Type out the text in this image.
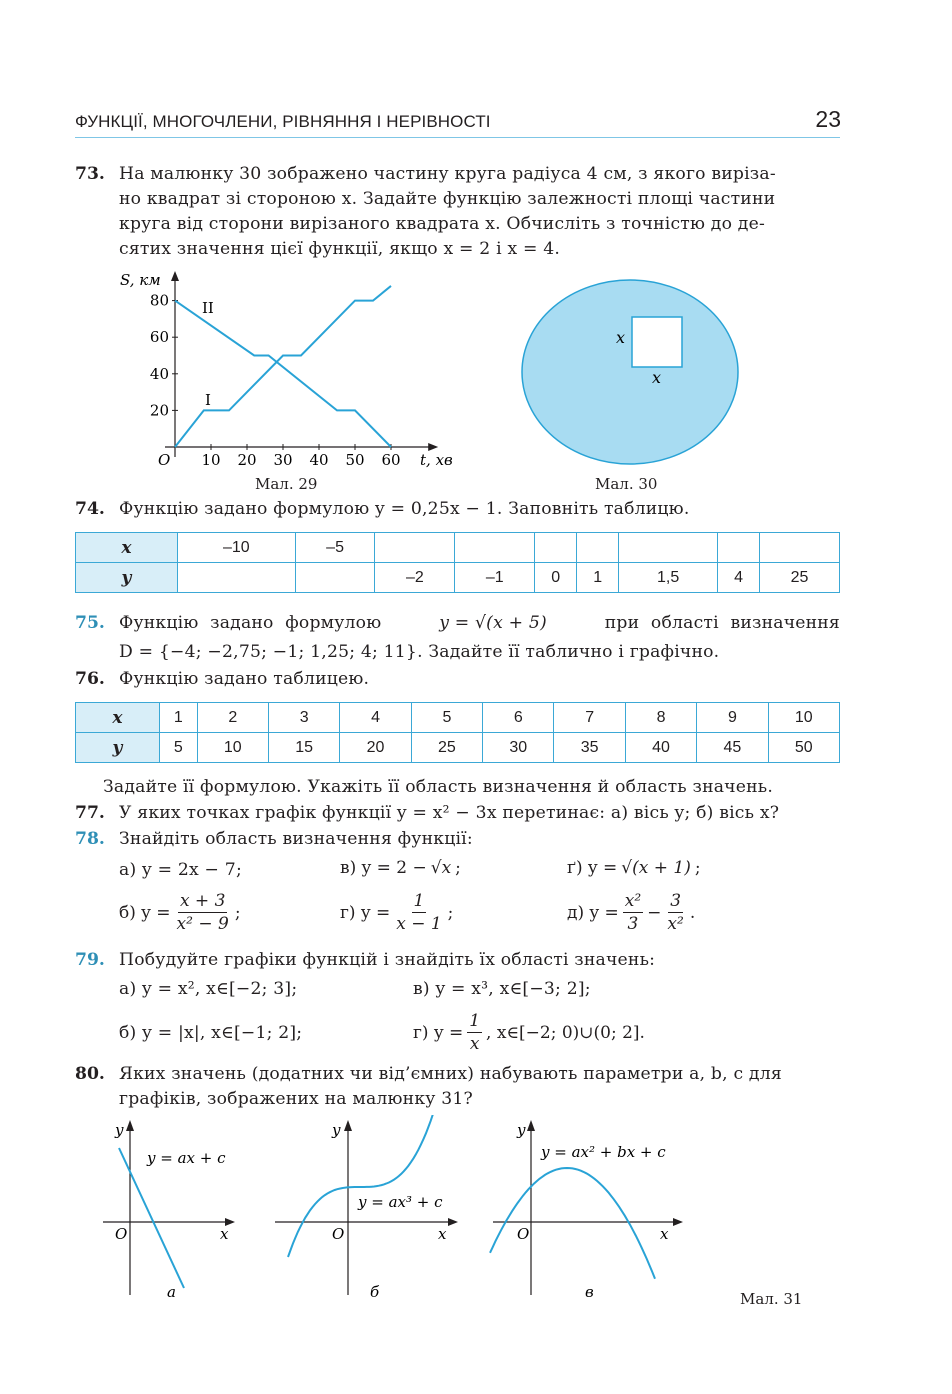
ФУНКЦІЇ, МНОГОЧЛЕНИ, РІВНЯННЯ І НЕРІВНОСТІ	23
73. На малюнку 30 зображено частину круга радіуса 4 см, з якого виріза-
но квадрат зі стороною x. Задайте функцію залежності площі частини
круга від сторони вирізаного квадрата x. Обчисліть з точністю до де-
сятих значення цієї функції, якщо x = 2 і x = 4.
10 20 30 40 50 60
20
40
60
80
S, км
t, хв
O
II
I
Мал. 29
x
x
Мал. 30
74. Функцію задано формулою y = 0,25x − 1. Заповніть таблицю.
x	–10	–5							
y			–2	–1	0	1	1,5	4	25
75. Функцію задано формулою	y = √(x + 5)	при області визначення
D = {−4; −2,75; −1; 1,25; 4; 11}. Задайте її таблично і графічно.
76. Функцію задано таблицею.
x	1	2	3	4	5	6	7	8	9	10
y	5	10	15	20	25	30	35	40	45	50
Задайте її формулою. Укажіть її область визначення й область значень.
77. У яких точках графік функції y = x² − 3x перетинає: а) вісь y; б) вісь x?
78. Знайдіть область визначення функції:
а) y = 2x − 7;	в) y = 2 − √x ;	ґ) y = √(x + 1) ;
б) $y = \frac{x + 3}{\text{x² − 9}}$ ;	г) $y = \frac{1}{x - 1}$ ;	д) $y = \frac{\text{x²}}{3} - \frac{3}{\text{x²}}$ .
79. Побудуйте графіки функцій і знайдіть їх області значень:
а) y = x², x∈[−2; 3];	в) y = x³, x∈[−3; 2];
б) y = |x|, x∈[−1; 2];	г) $y = \frac{1}{x}$ , x∈[−2; 0)∪(0; 2].
80. Яких значень (додатних чи від’ємних) набувають параметри a, b, c для
графіків, зображених на малюнку 31?
y = ax + c
y
x
O
а
y = ax³ + c
y
x
O
б
y = ax² + bx + c
y
x
O
в	Мал. 31
